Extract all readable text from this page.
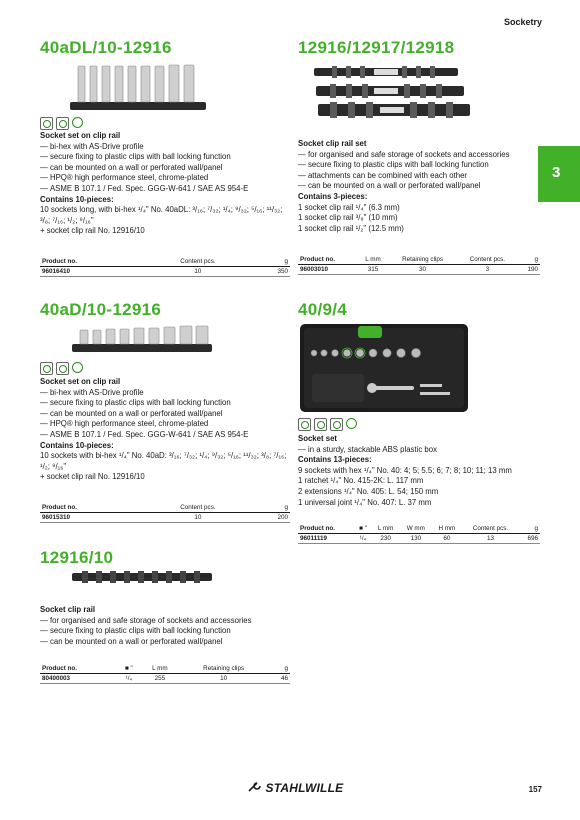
Socketry
3
40aDL/10-12916
Socket set on clip rail
— bi-hex with AS-Drive profile
— secure fixing to plastic clips with ball locking function
— can be mounted on a wall or perforated wall/panel
— HPQ® high performance steel, chrome-plated
— ASME B 107.1 / Fed. Spec. GGG-W-641 / SAE AS 954-E
Contains 10-pieces:
10 sockets long, with bi-hex ¹/₄" No. 40aDL: ³/₁₆; ⁷/₃₂; ¹/₄; ⁹/₃₂; ⁵/₁₆; ¹¹/₃₂;
³/₈; ⁷/₁₆; ¹/₂; ⁹/₁₆"
+ socket clip rail No. 12916/10
Product no.	Content pcs.	g
96016410	10	350
40aD/10-12916
Socket set on clip rail
— bi-hex with AS-Drive profile
— secure fixing to plastic clips with ball locking function
— can be mounted on a wall or perforated wall/panel
— HPQ® high performance steel, chrome-plated
— ASME B 107.1 / Fed. Spec. GGG-W-641 / SAE AS 954-E
Contains 10-pieces:
10 sockets with bi-hex ¹/₄" No. 40aD: ³/₁₆; ⁷/₃₂; ¹/₄; ⁹/₃₂; ⁵/₁₆; ¹¹/₃₂; ³/₈; ⁷/₁₆;
¹/₂; ⁹/₁₆"
+ socket clip rail No. 12916/10
Product no.	Content pcs.	g
96015310	10	200
12916/10
Socket clip rail
— for organised and safe storage of sockets and accessories
— secure fixing to plastic clips with ball locking function
— can be mounted on a wall or perforated wall/panel
Product no.	■ "	L mm	Retaining clips	g
80400003	¹/₄	255	10	46
12916/12917/12918
Socket clip rail set
— for organised and safe storage of sockets and accessories
— secure fixing to plastic clips with ball locking function
— attachments can be combined with each other
— can be mounted on a wall or perforated wall/panel
Contains 3-pieces:
1 socket clip rail ¹/₄" (6.3 mm)
1 socket clip rail ³/₈" (10 mm)
1 socket clip rail ¹/₂" (12.5 mm)
Product no.	L mm	Retaining clips	Content pcs.	g
96003010	315	30	3	190
40/9/4
Socket set
— in a sturdy, stackable ABS plastic box
Contains 13-pieces:
9 sockets with hex ¹/₄" No. 40: 4; 5; 5.5; 6; 7; 8; 10; 11; 13 mm
1 ratchet ¹/₄" No. 415-2K: L. 117 mm
2 extensions ¹/₄" No. 405: L. 54; 150 mm
1 universal joint ¹/₄" No. 407: L. 37 mm
Product no.	■ "	L mm	W mm	H mm	Content pcs.	g
96011119	¹/₄	230	130	60	13	696
STAHLWILLE	157
